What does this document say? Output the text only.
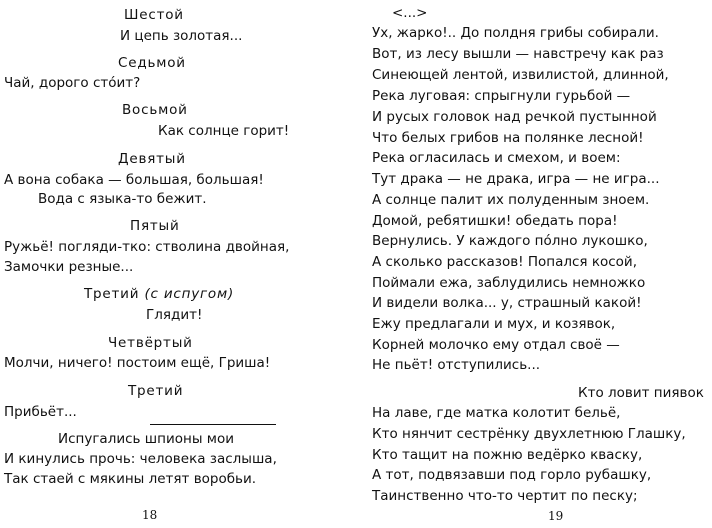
Шестой
И цепь золотая...
Седьмой
Чай, дорого сто́ит?
Восьмой
Как солнце горит!
Девятый
А вона собака — большая, большая!
Вода с языка-то бежит.
Пятый
Ружьё! погляди-тко: стволина двойная,
Замочки резные...
Третий (с испугом)
Глядит!
Четвёртый
Молчи, ничего! постоим ещё, Гриша!
Третий
Прибьёт...
Испугались шпионы мои
И кинулись прочь: человека заслыша,
Так стаей с мякины летят воробьи.
18
<...>
Ух, жарко!.. До полдня грибы собирали.
Вот, из лесу вышли — навстречу как раз
Синеющей лентой, извилистой, длинной,
Река луговая: спрыгнули гурьбой —
И русых головок над речкой пустынной
Что белых грибов на полянке лесной!
Река огласилась и смехом, и воем:
Тут драка — не драка, игра — не игра...
А солнце палит их полуденным зноем.
Домой, ребятишки! обедать пора!
Вернулись. У каждого по́лно лукошко,
А сколько рассказов! Попался косой,
Поймали ежа, заблудились немножко
И видели волка... у, страшный какой!
Ежу предлагали и мух, и козявок,
Корней молочко ему отдал своё —
Не пьёт! отступились...
Кто ловит пиявок
На лаве, где матка колотит бельё,
Кто нянчит сестрёнку двухлетнюю Глашку,
Кто тащит на пожню ведёрко кваску,
А тот, подвязавши под горло рубашку,
Таинственно что-то чертит по песку;
19
